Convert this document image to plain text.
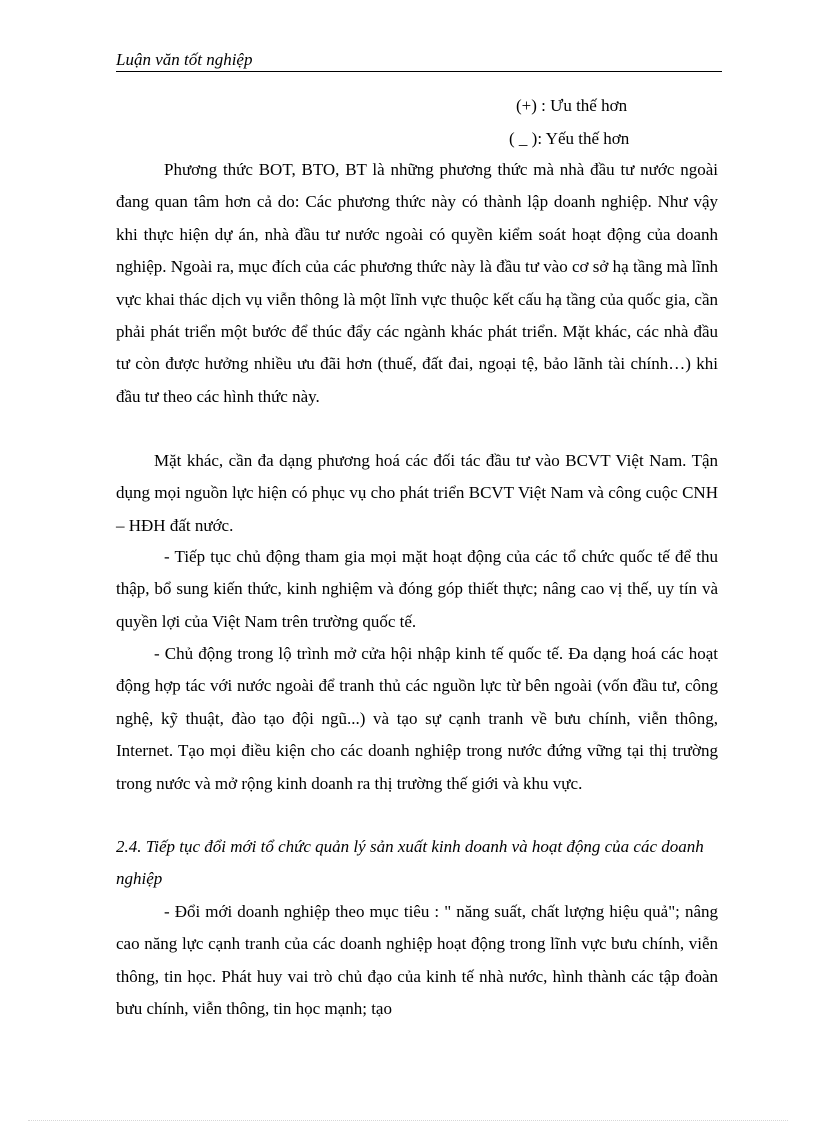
Luận văn tốt nghiệp
(+) : Ưu thế hơn
( _ ): Yếu thế hơn

Phương thức BOT, BTO, BT là những phương thức mà nhà đầu tư nước ngoài đang quan tâm hơn cả do: Các phương thức này có thành lập doanh nghiệp. Như vậy khi thực hiện dự án, nhà đầu tư nước ngoài có quyền kiểm soát hoạt động của doanh nghiệp. Ngoài ra, mục đích của các phương thức này là đầu tư vào cơ sở hạ tầng mà lĩnh vực khai thác dịch vụ viễn thông là một lĩnh vực thuộc kết cấu hạ tầng của quốc gia, cần phải phát triển một bước để thúc đẩy các ngành khác phát triển. Mặt khác, các nhà đầu tư còn được hưởng nhiều ưu đãi hơn (thuế, đất đai, ngoại tệ, bảo lãnh tài chính…) khi đầu tư theo các hình thức này.

Mặt khác, cần đa dạng phương hoá các đối tác đầu tư vào BCVT Việt Nam. Tận dụng mọi nguồn lực hiện có phục vụ cho phát triển BCVT Việt Nam và công cuộc CNH – HĐH đất nước.

- Tiếp tục chủ động tham gia mọi mặt hoạt động của các tổ chức quốc tế để thu thập, bổ sung kiến thức, kinh nghiệm và đóng góp thiết thực; nâng cao vị thế, uy tín và quyền lợi của Việt Nam trên trường quốc tế.

- Chủ động trong lộ trình mở cửa hội nhập kinh tế quốc tế. Đa dạng hoá các hoạt động hợp tác với nước ngoài để tranh thủ các nguồn lực từ bên ngoài (vốn đầu tư, công nghệ, kỹ thuật, đào tạo đội ngũ...) và tạo sự cạnh tranh về bưu chính, viễn thông, Internet. Tạo mọi điều kiện cho các doanh nghiệp trong nước đứng vững tại thị trường trong nước và mở rộng kinh doanh ra thị trường thế giới và khu vực.

2.4. Tiếp tục đổi mới tổ chức quản lý sản xuất kinh doanh và hoạt động của các doanh nghiệp

- Đổi mới doanh nghiệp theo mục tiêu : " năng suất, chất lượng hiệu quả"; nâng cao năng lực cạnh tranh của các doanh nghiệp hoạt động trong lĩnh vực bưu chính, viễn thông, tin học. Phát huy vai trò chủ đạo của kinh tế nhà nước, hình thành các tập đoàn bưu chính, viễn thông, tin học mạnh; tạo
